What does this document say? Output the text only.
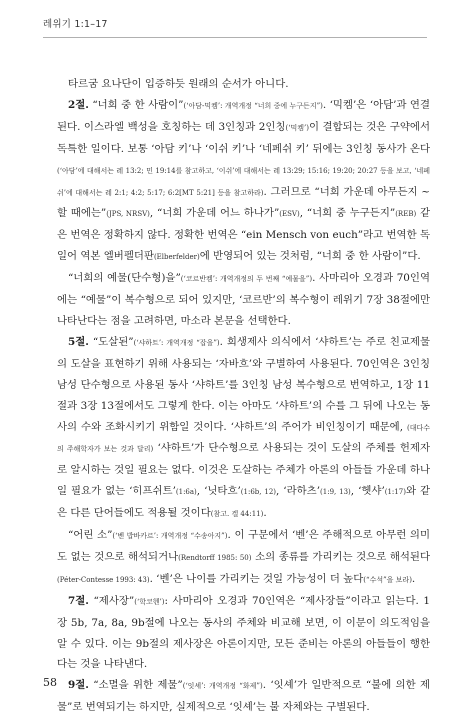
레위기 1:1–17

타르굼 요나단이 입증하듯 원래의 순서가 아니다.

2절. “너희 중 한 사람이”(‘아담-믹켐’: 개역개정 “너희 중에 누구든지”). ‘믹켐’은 ‘아담’과 연결된다. 이스라엘 백성을 호칭하는 데 3인칭과 2인칭(‘믹켐’)이 결합되는 것은 구약에서 독특한 일이다. 보통 ‘아담 키’나 ‘이쉬 키’나 ‘네페쉬 키’ 뒤에는 3인칭 동사가 온다(‘아담’에 대해서는 레 13:2; 민 19:14를 참고하고, ‘이쉬’에 대해서는 레 13:29; 15:16; 19:20; 20:27 등을 보고, ‘네페쉬’에 대해서는 레 2:1; 4:2; 5:17; 6:2[MT 5:21] 등을 참고하라). 그러므로 “너희 가운데 아무든지 ~할 때에는”(JPS, NRSV), “너희 가운데 어느 하나가”(ESV), “너희 중 누구든지”(REB) 같은 번역은 정확하지 않다. 정확한 번역은 “ein Mensch von euch”라고 번역한 독일어 역본 엘버펠더판(Elberfelder)에 반영되어 있는 것처럼, “너희 중 한 사람이”다.

“너희의 예물(단수형)을”(‘코르반켐’: 개역개정의 두 번째 “예물을”). 사마리아 오경과 70인역에는 “예물”이 복수형으로 되어 있지만, ‘코르반’의 복수형이 레위기 7장 38절에만 나타난다는 점을 고려하면, 마소라 본문을 선택한다.

5절. “도살된”(‘샤하트’: 개역개정 “잡을”). 희생제사 의식에서 ‘샤하트’는 주로 친교제물의 도살을 표현하기 위해 사용되는 ‘자바흐’와 구별하여 사용된다. 70인역은 3인칭 남성 단수형으로 사용된 동사 ‘샤하트’를 3인칭 남성 복수형으로 번역하고, 1장 11절과 3장 13절에서도 그렇게 한다. 이는 아마도 ‘샤하트’의 수를 그 뒤에 나오는 동사의 수와 조화시키기 위함일 것이다. ‘샤하트’의 주어가 비인칭이기 때문에, (대다수의 주해학자가 보는 것과 달리) ‘샤하트’가 단수형으로 사용되는 것이 도살의 주체를 헌제자로 알시하는 것일 필요는 없다. 이것은 도살하는 주체가 아론의 아들들 가운데 하나일 필요가 없는 ‘히프쉬트’(1:6a), ‘닛타흐’(1:6b, 12), ‘라하츠’(1:9, 13), ‘헷샤’(1:17)와 같은 다른 단어들에도 적용될 것이다(참고. 겔 44:11).

“어린 소”(‘벤 밥바카르’: 개역개정 “수송아지”). 이 구문에서 ‘벤’은 주해적으로 아무런 의미도 없는 것으로 해석되거나(Rendtorff 1985: 50) 소의 종류를 가리키는 것으로 해석된다(Péter-Contesse 1993: 43). ‘벤’은 나이를 가리키는 것일 가능성이 더 높다(“수석”을 보라).

7절. “제사장”(‘학코헨’): 사마리아 오경과 70인역은 “제사장들”이라고 읽는다. 1장 5b, 7a, 8a, 9b절에 나오는 동사의 주체와 비교해 보면, 이 이문이 의도적임을 알 수 있다. 이는 9b절의 제사장은 아론이지만, 모든 준비는 아론의 아들들이 행한다는 것을 나타낸다.

9절. “소멸을 위한 제물”(‘잇셰’: 개역개정 “화제”). ‘잇셰’가 일반적으로 “불에 의한 제물”로 번역되기는 하지만, 실제적으로 ‘잇셰’는 불 자체와는 구별된다.

58
